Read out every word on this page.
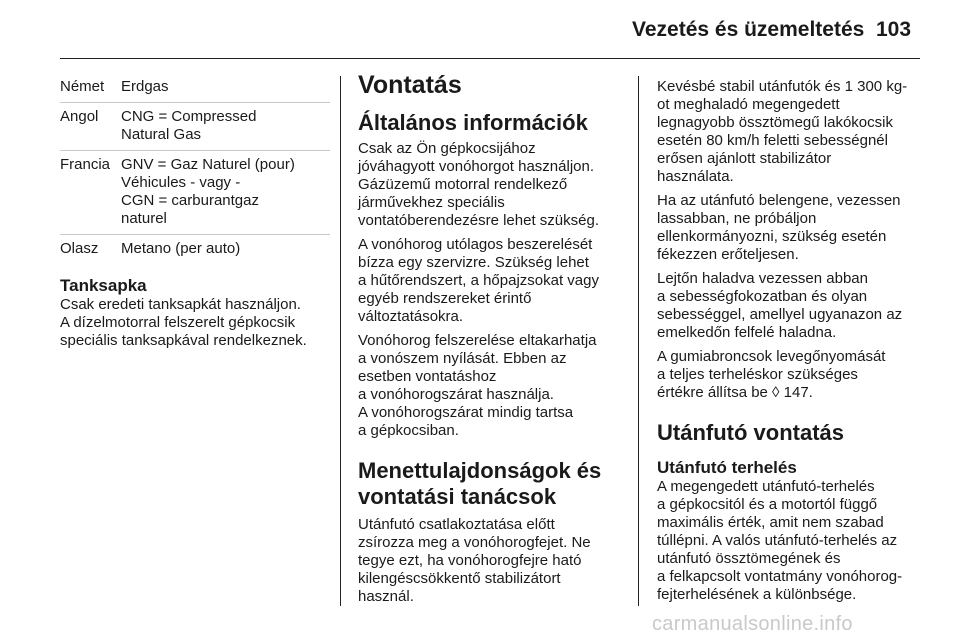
Vezetés és üzemeltetés 103
Német	Erdgas
Angol	CNG = Compressed
Natural Gas
Francia	GNV = Gaz Naturel (pour)
Véhicules - vagy -
CGN = carburantgaz
naturel
Olasz	Metano (per auto)
Tanksapka

Csak eredeti tanksapkát használjon.
A dízelmotorral felszerelt gépkocsik
speciális tanksapkával rendelkeznek.

Vontatás
Általános információk

Csak az Ön gépkocsijához
jóváhagyott vonóhorgot használjon.
Gázüzemű motorral rendelkező
járművekhez speciális
vontatóberendezésre lehet szükség.

A vonóhorog utólagos beszerelését
bízza egy szervizre. Szükség lehet
a hűtőrendszert, a hőpajzsokat vagy
egyéb rendszereket érintő
változtatásokra.

Vonóhorog felszerelése eltakarhatja
a vonószem nyílását. Ebben az
esetben vontatáshoz
a vonóhorogszárat használja.
A vonóhorogszárat mindig tartsa
a gépkocsiban.

Menettulajdonságok és
vontatási tanácsok

Utánfutó csatlakoztatása előtt
zsírozza meg a vonóhorogfejet. Ne
tegye ezt, ha vonóhorogfejre ható
kilengéscsökkentő stabilizátort
használ.

Kevésbé stabil utánfutók és 1 300 kg-
ot meghaladó megengedett
legnagyobb össztömegű lakókocsik
esetén 80 km/h feletti sebességnél
erősen ajánlott stabilizátor
használata.

Ha az utánfutó belengene, vezessen
lassabban, ne próbáljon
ellenkormányozni, szükség esetén
fékezzen erőteljesen.

Lejtőn haladva vezessen abban
a sebességfokozatban és olyan
sebességgel, amellyel ugyanazon az
emelkedőn felfelé haladna.

A gumiabroncsok levegőnyomását
a teljes terheléskor szükséges
értékre állítsa be ◊ 147.

Utánfutó vontatás
Utánfutó terhelés

A megengedett utánfutó-terhelés
a gépkocsitól és a motortól függő
maximális érték, amit nem szabad
túllépni. A valós utánfutó-terhelés az
utánfutó össztömegének és
a felkapcsolt vontatmány vonóhorog-
fejterhelésének a különbsége.

carmanualsonline.info
